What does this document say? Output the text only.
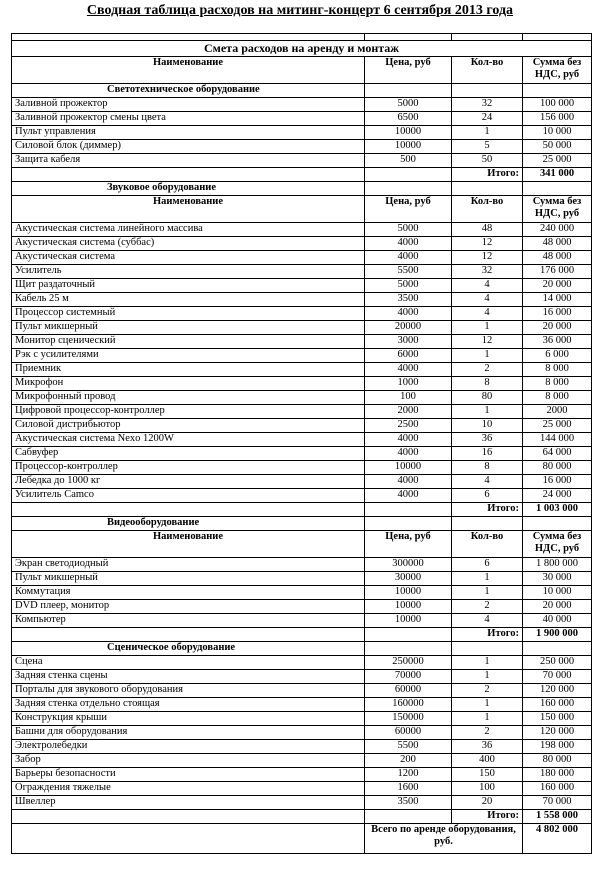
Сводная таблица расходов на митинг-концерт 6 сентября 2013 года

Смета расходов на аренду и монтаж			
Наименование	Цена, руб	Кол-во	Сумма без НДС, руб
Светотехническое оборудование			
Заливной прожектор	5000	32	100 000
Заливной прожектор смены цвета	6500	24	156 000
Пульт управления	10000	1	10 000
Силовой блок (диммер)	10000	5	50 000
Защита кабеля	500	50	25 000
		Итого:	341 000
Звуковое оборудование			
Наименование	Цена, руб	Кол-во	Сумма без НДС, руб
Акустическая система линейного массива	5000	48	240 000
Акустическая система (суббас)	4000	12	48 000
Акустическая система	4000	12	48 000
Усилитель	5500	32	176 000
Щит раздаточный	5000	4	20 000
Кабель 25 м	3500	4	14 000
Процессор системный	4000	4	16 000
Пульт микшерный	20000	1	20 000
Монитор сценический	3000	12	36 000
Рэк с усилителями	6000	1	6 000
Приемник	4000	2	8 000
Микрофон	1000	8	8 000
Микрофонный провод	100	80	8 000
Цифровой процессор-контроллер	2000	1	2000
Силовой дистрибьютор	2500	10	25 000
Акустическая система Nexo 1200W	4000	36	144 000
Сабвуфер	4000	16	64 000
Процессор-контроллер	10000	8	80 000
Лебедка до 1000 кг	4000	4	16 000
Усилитель Camco	4000	6	24 000
		Итого:	1 003 000
Видеооборудование			
Наименование	Цена, руб	Кол-во	Сумма без НДС, руб
Экран светодиодный	300000	6	1 800 000
Пульт микшерный	30000	1	30 000
Коммутация	10000	1	10 000
DVD плеер, монитор	10000	2	20 000
Компьютер	10000	4	40 000
		Итого:	1 900 000
Сценическое оборудование			
Сцена	250000	1	250 000
Задняя стенка сцены	70000	1	70 000
Порталы для звукового оборудования	60000	2	120 000
Задняя стенка отдельно стоящая	160000	1	160 000
Конструкция крыши	150000	1	150 000
Башни для оборудования	60000	2	120 000
Электролебедки	5500	36	198 000
Забор	200	400	80 000
Барьеры безопасности	1200	150	180 000
Ограждения тяжелые	1600	100	160 000
Швеллер	3500	20	70 000
		Итого:	1 558 000
	Всего по аренде оборудования, руб.		4 802 000
